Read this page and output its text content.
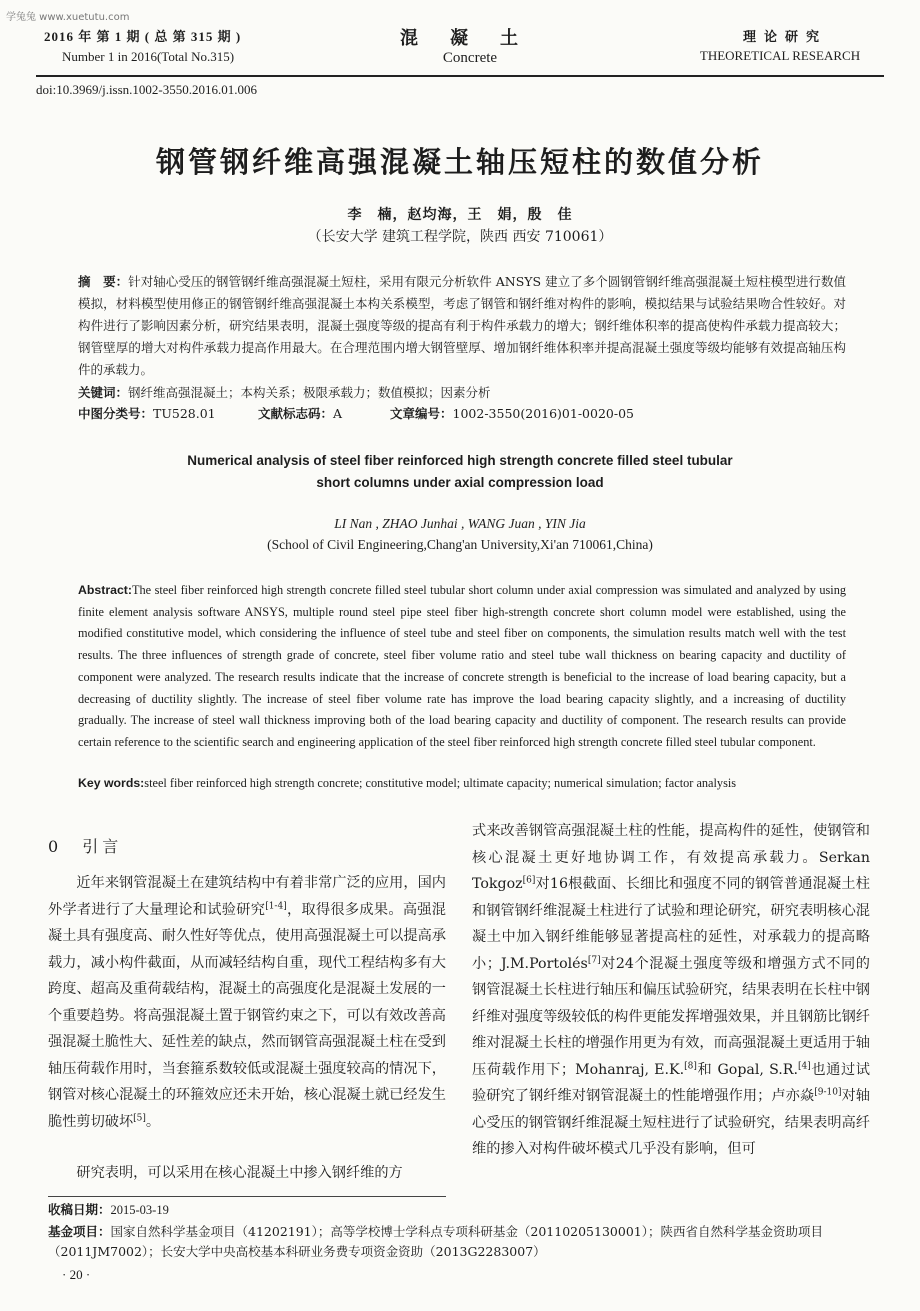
学兔兔 www.xuetutu.com
2016 年 第 1 期 ( 总 第 315 期 )
Number 1 in 2016(Total No.315)
混凝土
Concrete
理论研究
THEORETICAL RESEARCH
doi:10.3969/j.issn.1002-3550.2016.01.006
钢管钢纤维高强混凝土轴压短柱的数值分析
李　楠，赵均海，王　娟，殷　佳
（长安大学 建筑工程学院，陕西 西安 710061）

摘　要：针对轴心受压的钢管钢纤维高强混凝土短柱，采用有限元分析软件 ANSYS 建立了多个圆钢管钢纤维高强混凝土短柱模型进行数值模拟，材料模型使用修正的钢管钢纤维高强混凝土本构关系模型，考虑了钢管和钢纤维对构件的影响，模拟结果与试验结果吻合性较好。对构件进行了影响因素分析，研究结果表明，混凝土强度等级的提高有利于构件承载力的增大；钢纤维体积率的提高使构件承载力提高较大；钢管壁厚的增大对构件承载力提高作用最大。在合理范围内增大钢管壁厚、增加钢纤维体积率并提高混凝土强度等级均能够有效提高轴压构件的承载力。

关键词：钢纤维高强混凝土；本构关系；极限承载力；数值模拟；因素分析
中图分类号：TU528.01	文献标志码：A	文章编号：1002-3550(2016)01-0020-05
Numerical analysis of steel fiber reinforced high strength concrete filled steel tubular
short columns under axial compression load
LI Nan , ZHAO Junhai , WANG Juan , YIN Jia
(School of Civil Engineering,Chang'an University,Xi'an 710061,China)

Abstract:The steel fiber reinforced high strength concrete filled steel tubular short column under axial compression was simulated and analyzed by using finite element analysis software ANSYS, multiple round steel pipe steel fiber high-strength concrete short column model were established, using the modified constitutive model, which considering the influence of steel tube and steel fiber on components, the simulation results match well with the test results. The three influences of strength grade of concrete, steel fiber volume ratio and steel tube wall thickness on bearing capacity and ductility of component were analyzed. The research results indicate that the increase of concrete strength is beneficial to the increase of load bearing capacity, but a decreasing of ductility slightly. The increase of steel fiber volume rate has improve the load bearing capacity slightly, and a increasing of ductility gradually. The increase of steel wall thickness improving both of the load bearing capacity and ductility of component. The research results can provide certain reference to the scientific search and engineering application of the steel fiber reinforced high strength concrete filled steel tubular component.

Key words:steel fiber reinforced high strength concrete; constitutive model; ultimate capacity; numerical simulation; factor analysis
0　 引言

近年来钢管混凝土在建筑结构中有着非常广泛的应用，国内外学者进行了大量理论和试验研究[1-4]，取得很多成果。高强混凝土具有强度高、耐久性好等优点，使用高强混凝土可以提高承载力，减小构件截面，从而减轻结构自重，现代工程结构多有大跨度、超高及重荷载结构，混凝土的高强度化是混凝土发展的一个重要趋势。将高强混凝土置于钢管约束之下，可以有效改善高强混凝土脆性大、延性差的缺点，然而钢管高强混凝土柱在受到轴压荷载作用时，当套箍系数较低或混凝土强度较高的情况下，钢管对核心混凝土的环箍效应还未开始，核心混凝土就已经发生脆性剪切破坏[5]。

研究表明，可以采用在核心混凝土中掺入钢纤维的方

式来改善钢管高强混凝土柱的性能，提高构件的延性，使钢管和核心混凝土更好地协调工作，有效提高承载力。Serkan Tokgoz[6]对16根截面、长细比和强度不同的钢管普通混凝土柱和钢管钢纤维混凝土柱进行了试验和理论研究，研究表明核心混凝土中加入钢纤维能够显著提高柱的延性，对承载力的提高略小；J.M.Portolés[7]对24个混凝土强度等级和增强方式不同的钢管混凝土长柱进行轴压和偏压试验研究，结果表明在长柱中钢纤维对强度等级较低的构件更能发挥增强效果，并且钢筋比钢纤维对混凝土长柱的增强作用更为有效，而高强混凝土更适用于轴压荷载作用下；Mohanraj, E.K.[8]和 Gopal, S.R.[4]也通过试验研究了钢纤维对钢管混凝土的性能增强作用；卢亦焱[9-10]对轴心受压的钢管钢纤维混凝土短柱进行了试验研究，结果表明高纤维的掺入对构件破坏模式几乎没有影响，但可

收稿日期：2015-03-19
基金项目：国家自然科学基金项目（41202191）；高等学校博士学科点专项科研基金（20110205130001）；陕西省自然科学基金资助项目（2011JM7002）；长安大学中央高校基本科研业务费专项资金资助（2013G2283007）
· 20 ·
